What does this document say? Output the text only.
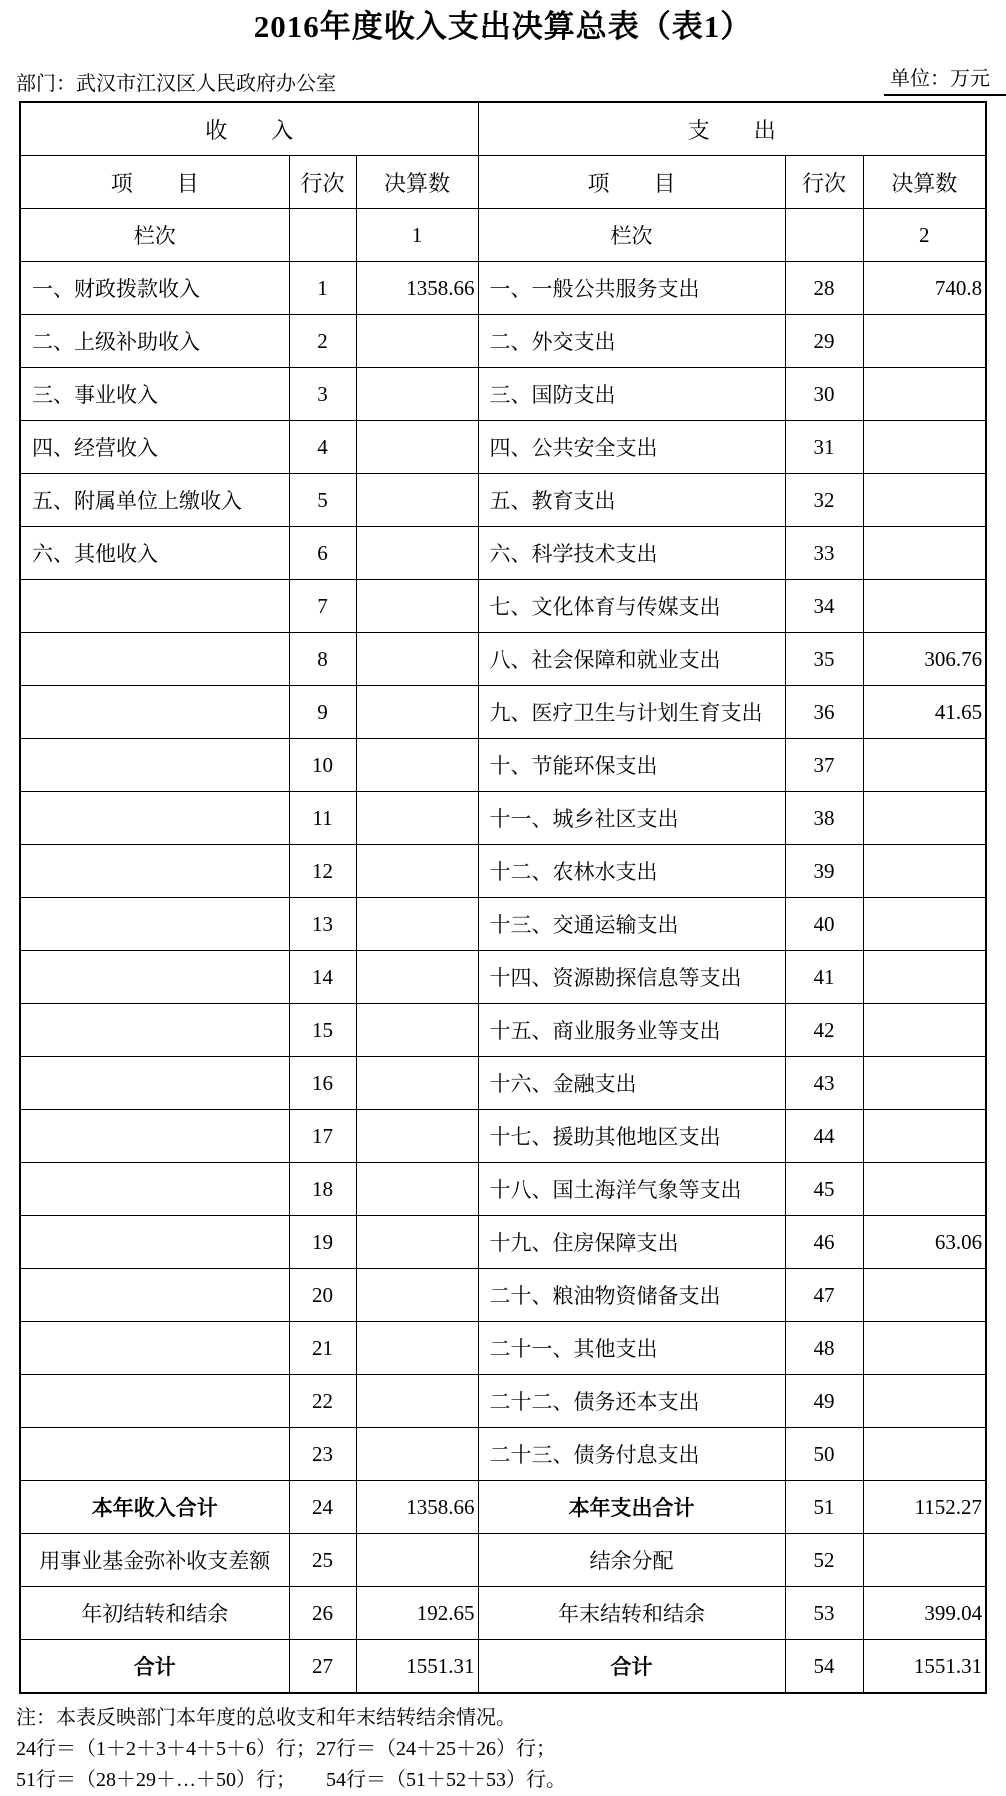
2016年度收入支出决算总表（表1）
部门：武汉市江汉区人民政府办公室	单位：万元
收　　入			支　　出		
项　　目	行次	决算数	项　　目	行次	决算数
栏次		1	栏次		2
一、财政拨款收入	1	1358.66	一、一般公共服务支出	28	740.8
二、上级补助收入	2		二、外交支出	29	
三、事业收入	3		三、国防支出	30	
四、经营收入	4		四、公共安全支出	31	
五、附属单位上缴收入	5		五、教育支出	32	
六、其他收入	6		六、科学技术支出	33	
	7		七、文化体育与传媒支出	34	
	8		八、社会保障和就业支出	35	306.76
	9		九、医疗卫生与计划生育支出	36	41.65
	10		十、节能环保支出	37	
	11		十一、城乡社区支出	38	
	12		十二、农林水支出	39	
	13		十三、交通运输支出	40	
	14		十四、资源勘探信息等支出	41	
	15		十五、商业服务业等支出	42	
	16		十六、金融支出	43	
	17		十七、援助其他地区支出	44	
	18		十八、国土海洋气象等支出	45	
	19		十九、住房保障支出	46	63.06
	20		二十、粮油物资储备支出	47	
	21		二十一、其他支出	48	
	22		二十二、债务还本支出	49	
	23		二十三、债务付息支出	50	
本年收入合计	24	1358.66	本年支出合计	51	1152.27
用事业基金弥补收支差额	25		结余分配	52	
年初结转和结余	26	192.65	年末结转和结余	53	399.04
合计	27	1551.31	合计	54	1551.31

注：本表反映部门本年度的总收支和年末结转结余情况。

24行＝（1＋2＋3＋4＋5＋6）行；27行＝（24＋25＋26）行；

51行＝（28＋29＋…＋50）行；　　54行＝（51＋52＋53）行。
